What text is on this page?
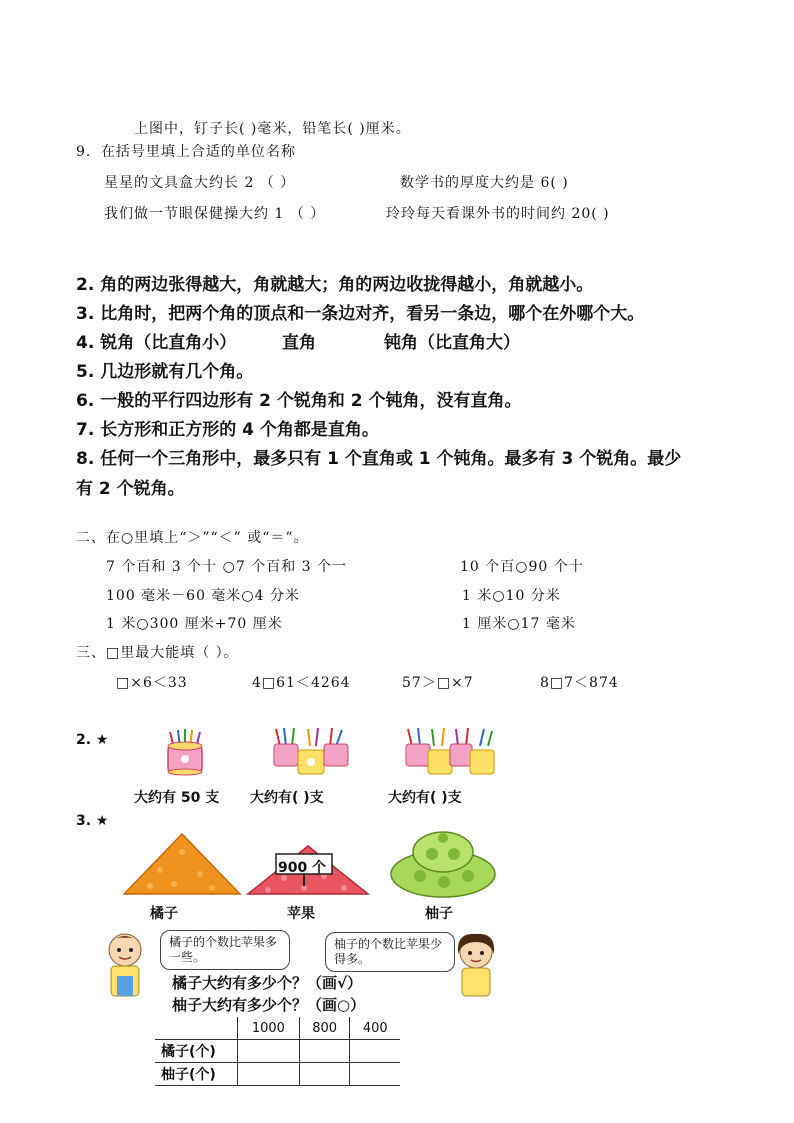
上图中，钉子长( )毫米，铅笔长( )厘米。
9．在括号里填上合适的单位名称
星星的文具盒大约长 2 （ ）	数学书的厚度大约是 6( )
我们做一节眼保健操大约 1 （ ）	玲玲每天看课外书的时间约 20( )
2. 角的两边张得越大，角就越大；角的两边收拢得越小，角就越小。
3. 比角时，把两个角的顶点和一条边对齐，看另一条边，哪个在外哪个大。
4. 锐角（比直角小）	直角	钝角（比直角大）
5. 几边形就有几个角。
6. 一般的平行四边形有 2 个锐角和 2 个钝角，没有直角。
7. 长方形和正方形的 4 个角都是直角。
8. 任何一个三角形中，最多只有 1 个直角或 1 个钝角。最多有 3 个锐角。最少
有 2 个锐角。
二、在○里填上“＞”“＜” 或“＝”。
7 个百和 3 个十 ○7 个百和 3 个一	10 个百○90 个十
100 毫米－60 毫米○4 分米	1 米○10 分米
1 米○300 厘米+70 厘米	1 厘米○17 毫米
三、□里最大能填（ ）。
□×6＜33	4□61＜4264	57＞□×7	8□7＜874
2. ★
大约有 50 支 大约有( )支	大约有( )支
3. ★
900 个
橘子	苹果	柚子
橘子的个数比苹果多一些。
柚子的个数比苹果少得多。
橘子大约有多少个？（画√）
柚子大约有多少个？（画○）
	1000	800	400
橘子(个)			
柚子(个)			
